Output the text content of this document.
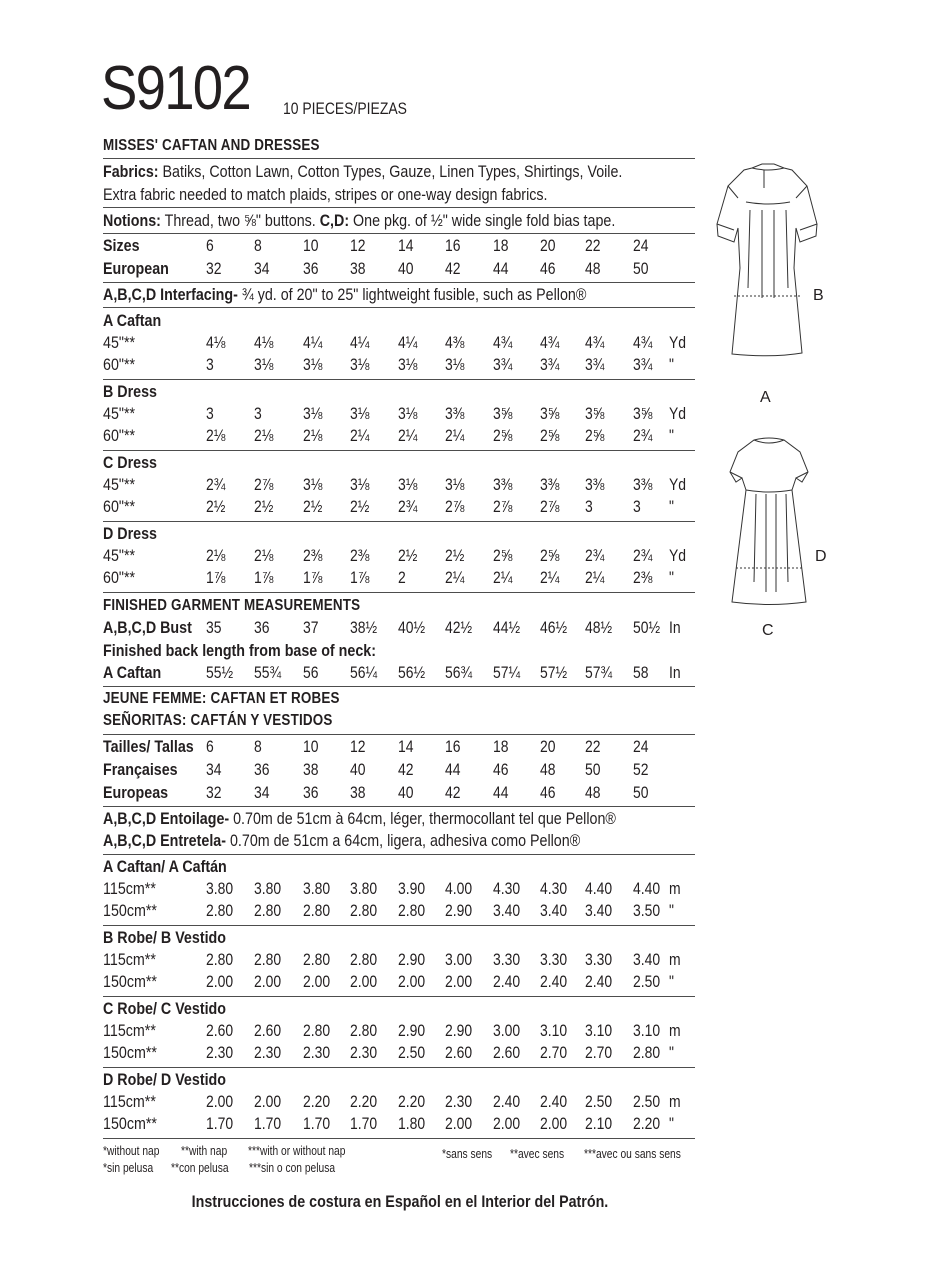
S9102 10 PIECES/PIEZAS
MISSES' CAFTAN AND DRESSES
Fabrics: Batiks, Cotton Lawn, Cotton Types, Gauze, Linen Types, Shirtings, Voile.
Extra fabric needed to match plaids, stripes or one-way design fabrics.
Notions: Thread, two ⅝" buttons. C,D: One pkg. of ½" wide single fold bias tape.
Sizes	6 8 10 12 14 16 18 20 22 24
European 32 34 36 38 40 42 44 46 48 50
A,B,C,D Interfacing- ¾ yd. of 20" to 25" lightweight fusible, such as Pellon®
A Caftan
45"**	4⅛ 4⅛ 4¼ 4¼ 4¼ 4⅜ 4¾ 4¾ 4¾ 4¾ Yd
60"**	3 3⅛ 3⅛ 3⅛ 3⅛ 3⅛ 3¾ 3¾ 3¾ 3¾ "
B Dress
45"**	3 3 3⅛ 3⅛ 3⅛ 3⅜ 3⅝ 3⅝ 3⅝ 3⅝ Yd
60"**	2⅛ 2⅛ 2⅛ 2¼ 2¼ 2¼ 2⅝ 2⅝ 2⅝ 2¾ "
C Dress
45"**	2¾ 2⅞ 3⅛ 3⅛ 3⅛ 3⅛ 3⅜ 3⅜ 3⅜ 3⅜ Yd
60"**	2½ 2½ 2½ 2½ 2¾ 2⅞ 2⅞ 2⅞ 3 3 "
D Dress
45"**	2⅛ 2⅛ 2⅜ 2⅜ 2½ 2½ 2⅝ 2⅝ 2¾ 2¾ Yd
60"**	1⅞ 1⅞ 1⅞ 1⅞ 2 2¼ 2¼ 2¼ 2¼ 2⅜ "
FINISHED GARMENT MEASUREMENTS
A,B,C,D Bust 35 36 37 38½ 40½ 42½ 44½ 46½ 48½ 50½ In
Finished back length from base of neck:
A Caftan	55½ 55¾ 56 56¼ 56½ 56¾ 57¼ 57½ 57¾ 58 In
JEUNE FEMME: CAFTAN ET ROBES
SEÑORITAS: CAFTÁN Y VESTIDOS
Tailles/ Tallas 6 8 10 12 14 16 18 20 22 24
Françaises 34 36 38 40 42 44 46 48 50 52
Europeas 32 34 36 38 40 42 44 46 48 50
A,B,C,D Entoilage- 0.70m de 51cm à 64cm, léger, thermocollant tel que Pellon®
A,B,C,D Entretela- 0.70m de 51cm a 64cm, ligera, adhesiva como Pellon®
A Caftan/ A Caftán
115cm**	3.80 3.80 3.80 3.80 3.90 4.00 4.30 4.30 4.40 4.40 m
150cm**	2.80 2.80 2.80 2.80 2.80 2.90 3.40 3.40 3.40 3.50 "
B Robe/ B Vestido
115cm**	2.80 2.80 2.80 2.80 2.90 3.00 3.30 3.30 3.30 3.40 m
150cm**	2.00 2.00 2.00 2.00 2.00 2.00 2.40 2.40 2.40 2.50 "
C Robe/ C Vestido
115cm**	2.60 2.60 2.80 2.80 2.90 2.90 3.00 3.10 3.10 3.10 m
150cm**	2.30 2.30 2.30 2.30 2.50 2.60 2.60 2.70 2.70 2.80 "
D Robe/ D Vestido
115cm**	2.00 2.00 2.20 2.20 2.20 2.30 2.40 2.40 2.50 2.50 m
150cm**	1.70 1.70 1.70 1.70 1.80 2.00 2.00 2.00 2.10 2.20 "
*without nap **with nap ***with or without nap
*sin pelusa **con pelusa ***sin o con pelusa
*sans sens **avec sens ***avec ou sans sens
Instrucciones de costura en Español en el Interior del Patrón.
B
A
D
C
